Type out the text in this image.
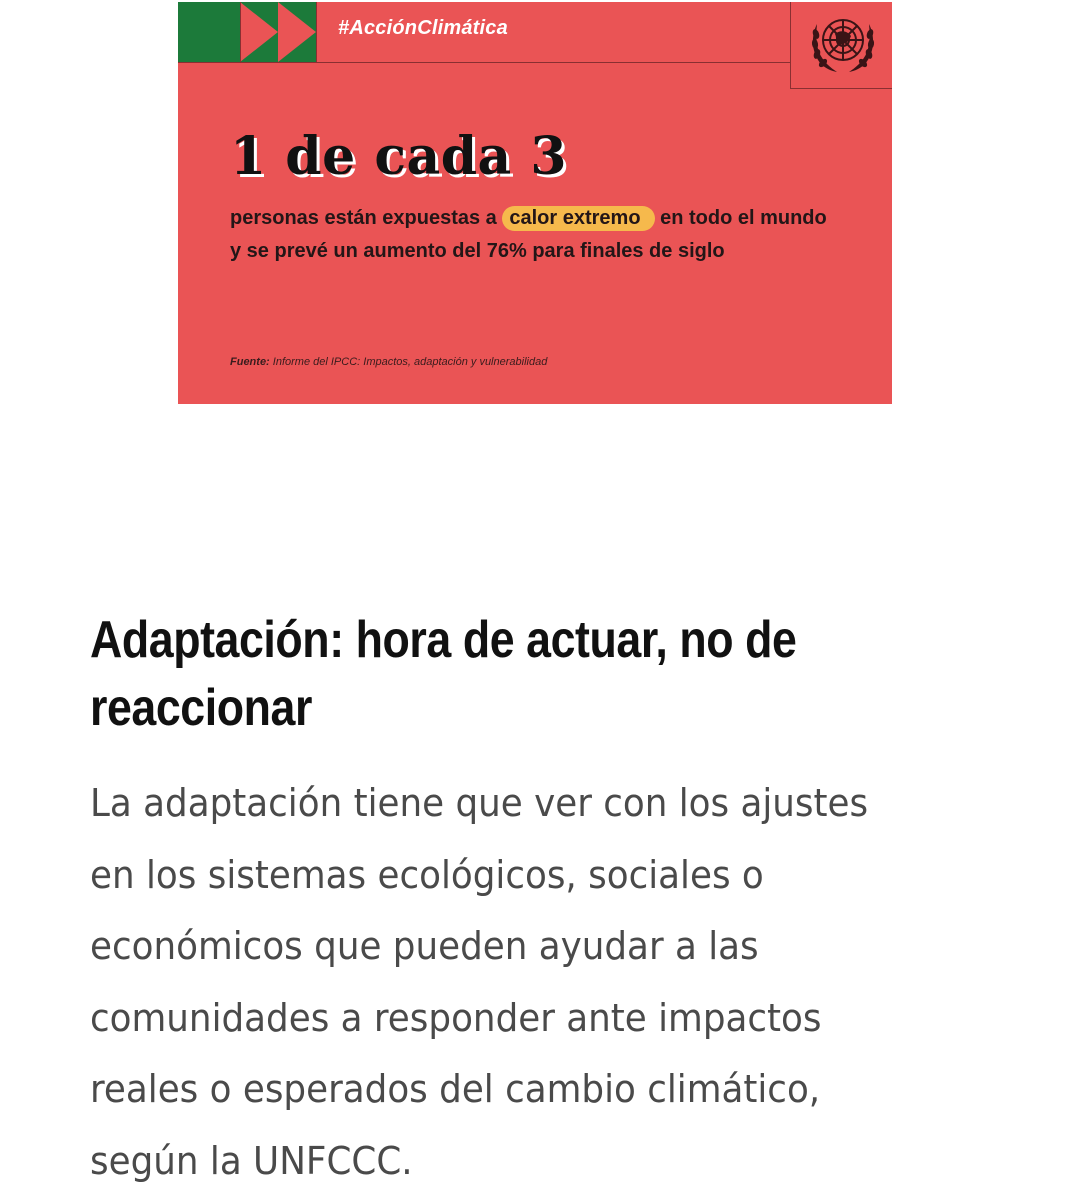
#AcciónClimática
1 de cada 3
personas están expuestas a calor extremo en todo el mundo y se prevé un aumento del 76% para finales de siglo
Fuente: Informe del IPCC: Impactos, adaptación y vulnerabilidad
Adaptación: hora de actuar, no de reaccionar

La adaptación tiene que ver con los ajustes en los sistemas ecológicos, sociales o económicos que pueden ayudar a las comunidades a responder ante impactos reales o esperados del cambio climático, según la UNFCCC.
